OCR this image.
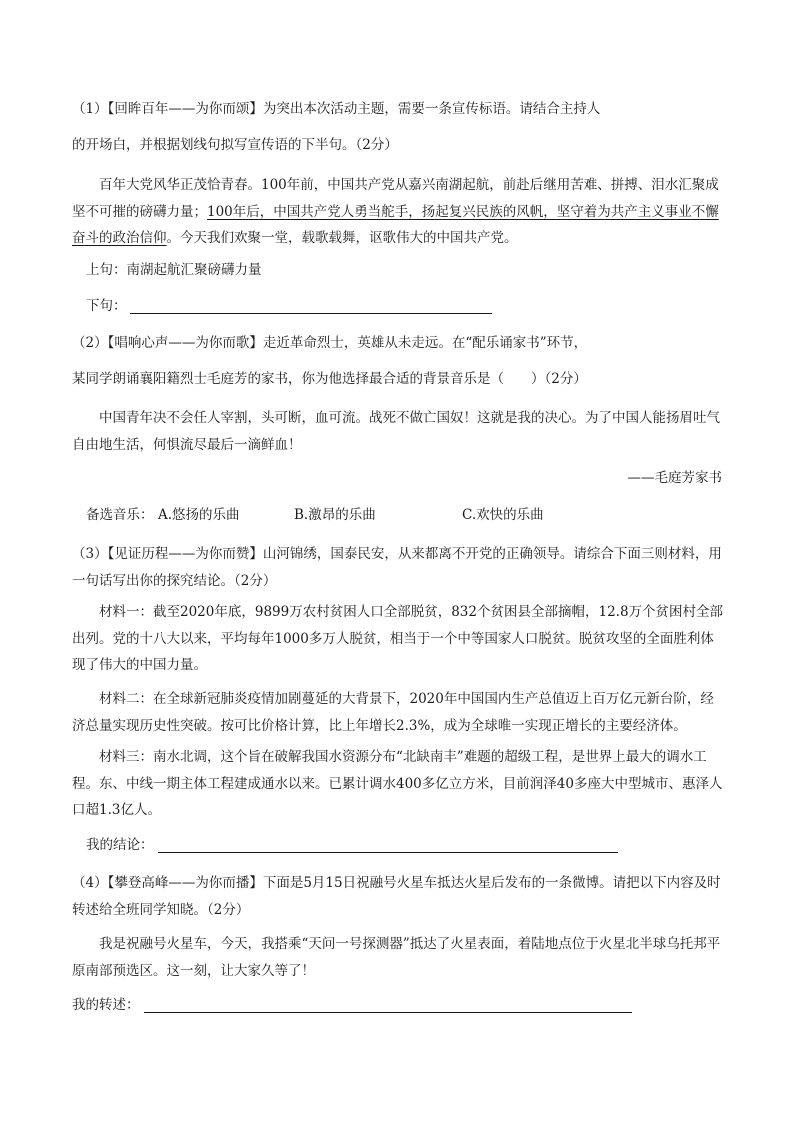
（1）【回眸百年——为你而颂】为突出本次活动主题，需要一条宣传标语。请结合主持人
的开场白，并根据划线句拟写宣传语的下半句。（2分）
百年大党风华正茂恰青春。100年前，中国共产党从嘉兴南湖起航，前赴后继用苦难、拼搏、泪水汇聚成坚不可摧的磅礴力量；100年后，中国共产党人勇当舵手，扬起复兴民族的风帆，坚守着为共产主义事业不懈奋斗的政治信仰。今天我们欢聚一堂，载歌载舞，讴歌伟大的中国共产党。
上句：南湖起航汇聚磅礴力量
下句：
（2）【唱响心声——为你而歌】走近革命烈士，英雄从未走远。在“配乐诵家书”环节，
某同学朗诵襄阳籍烈士毛庭芳的家书，你为他选择最合适的背景音乐是（　　）（2分）
中国青年决不会任人宰割，头可断，血可流。战死不做亡国奴！这就是我的决心。为了中国人能扬眉吐气自由地生活，何惧流尽最后一滴鲜血！
——毛庭芳家书
备选音乐： A.悠扬的乐曲	B.激昂的乐曲	C.欢快的乐曲
（3）【见证历程——为你而赞】山河锦绣，国泰民安，从来都离不开党的正确领导。请综合下面三则材料，用一句话写出你的探究结论。（2分）
材料一：截至2020年底，9899万农村贫困人口全部脱贫，832个贫困县全部摘帽，12.8万个贫困村全部出列。党的十八大以来，平均每年1000多万人脱贫，相当于一个中等国家人口脱贫。脱贫攻坚的全面胜利体现了伟大的中国力量。
材料二：在全球新冠肺炎疫情加剧蔓延的大背景下，2020年中国国内生产总值迈上百万亿元新台阶，经济总量实现历史性突破。按可比价格计算，比上年增长2.3%，成为全球唯一实现正增长的主要经济体。
材料三：南水北调，这个旨在破解我国水资源分布“北缺南丰”难题的超级工程，是世界上最大的调水工程。东、中线一期主体工程建成通水以来。已累计调水400多亿立方米，目前润泽40多座大中型城市、惠泽人口超1.3亿人。
我的结论：
（4）【攀登高峰——为你而播】下面是5月15日祝融号火星车抵达火星后发布的一条微博。请把以下内容及时转述给全班同学知晓。（2分）
我是祝融号火星车，今天，我搭乘“天问一号探测器”抵达了火星表面，着陆地点位于火星北半球乌托邦平原南部预选区。这一刻，让大家久等了！
我的转述：
